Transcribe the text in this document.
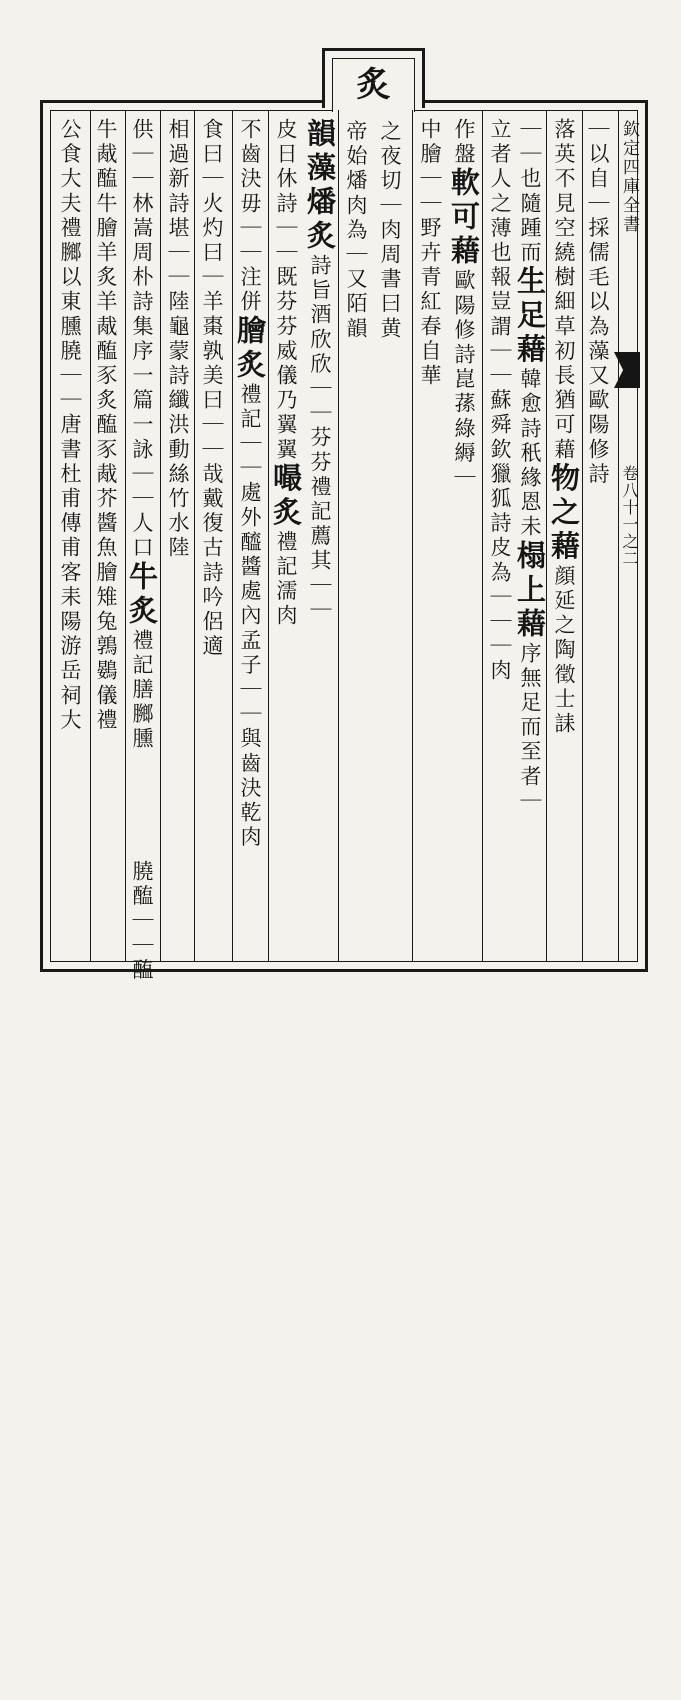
炙
欽定四庫全書
卷八十一之二
｜以自｜採儒毛以為藻又歐陽修詩
落英不見空繞樹細草初長猶可藉物之藉顔延之陶徵士誄
｜｜也隨踵而生足藉韓愈詩秖緣恩未榻上藉序無足而至者｜
立者人之薄也報豈謂｜｜蘇舜欽獵狐詩皮為｜｜｜肉
作盤軟可藉歐陽修詩崑蓀綠縟｜
中膾｜｜野卉青紅春自華
之夜切｜肉周書曰黄
帝始燔肉為｜又陌韻
韻藻燔炙詩旨酒欣欣｜｜芬芬禮記薦其｜｜
皮日休詩｜｜既芬芬威儀乃翼翼嘬炙禮記濡肉
不齒決毋｜｜注併膾炙禮記｜｜處外醯醬處內孟子｜｜與齒決乾肉
食曰｜火灼曰｜羊棗孰美曰｜｜哉戴復古詩吟侶適
相過新詩堪｜｜陸龜蒙詩纖洪動絲竹水陸
供｜｜林嵩周朴詩集序一篇一詠｜｜人口牛炙禮記膳膷臐
膮醢｜｜醢
牛胾醢牛膾羊炙羊胾醢豕炙醢豕胾芥醬魚膾雉兔鶉鷃儀禮
公食大夫禮膷以東臐膮｜｜唐書杜甫傳甫客耒陽游岳祠大
